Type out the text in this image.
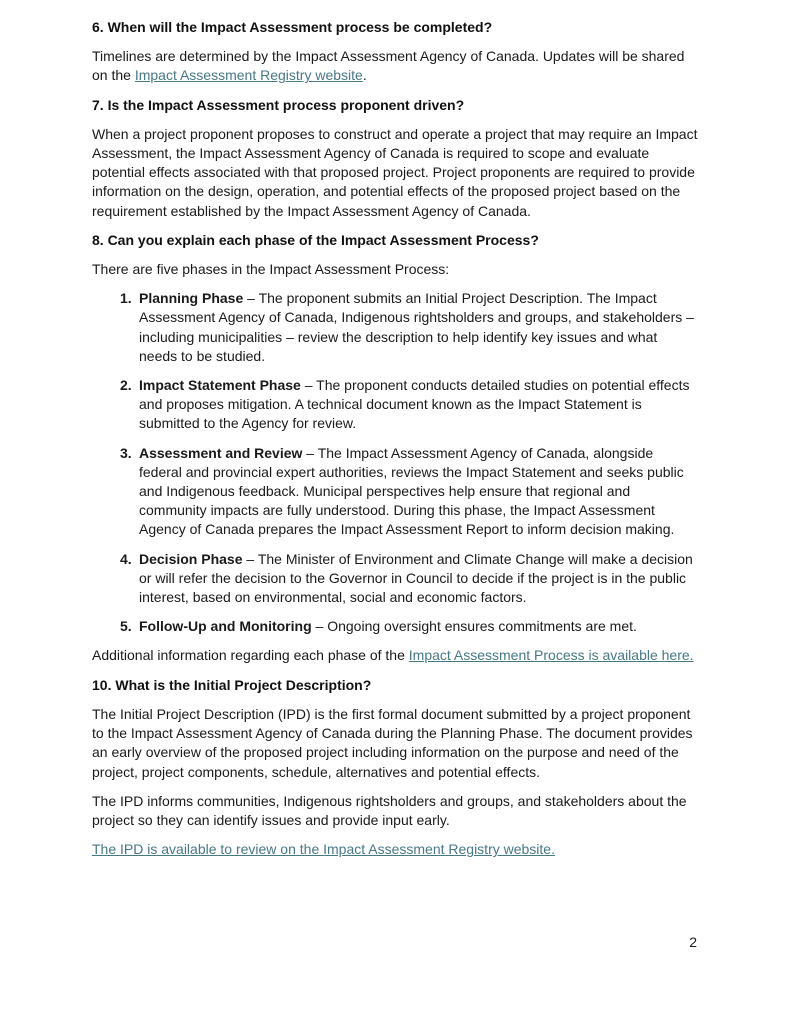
6. When will the Impact Assessment process be completed?

Timelines are determined by the Impact Assessment Agency of Canada. Updates will be shared on the Impact Assessment Registry website.

7. Is the Impact Assessment process proponent driven?

When a project proponent proposes to construct and operate a project that may require an Impact Assessment, the Impact Assessment Agency of Canada is required to scope and evaluate potential effects associated with that proposed project. Project proponents are required to provide information on the design, operation, and potential effects of the proposed project based on the requirement established by the Impact Assessment Agency of Canada.

8. Can you explain each phase of the Impact Assessment Process?

There are five phases in the Impact Assessment Process:

1. Planning Phase – The proponent submits an Initial Project Description. The Impact Assessment Agency of Canada, Indigenous rightsholders and groups, and stakeholders – including municipalities – review the description to help identify key issues and what needs to be studied.
2. Impact Statement Phase – The proponent conducts detailed studies on potential effects and proposes mitigation. A technical document known as the Impact Statement is submitted to the Agency for review.
3. Assessment and Review – The Impact Assessment Agency of Canada, alongside federal and provincial expert authorities, reviews the Impact Statement and seeks public and Indigenous feedback. Municipal perspectives help ensure that regional and community impacts are fully understood. During this phase, the Impact Assessment Agency of Canada prepares the Impact Assessment Report to inform decision making.
4. Decision Phase – The Minister of Environment and Climate Change will make a decision or will refer the decision to the Governor in Council to decide if the project is in the public interest, based on environmental, social and economic factors.
5. Follow-Up and Monitoring – Ongoing oversight ensures commitments are met.

Additional information regarding each phase of the Impact Assessment Process is available here.

10. What is the Initial Project Description?

The Initial Project Description (IPD) is the first formal document submitted by a project proponent to the Impact Assessment Agency of Canada during the Planning Phase. The document provides an early overview of the proposed project including information on the purpose and need of the project, project components, schedule, alternatives and potential effects.

The IPD informs communities, Indigenous rightsholders and groups, and stakeholders about the project so they can identify issues and provide input early.

The IPD is available to review on the Impact Assessment Registry website.

2
